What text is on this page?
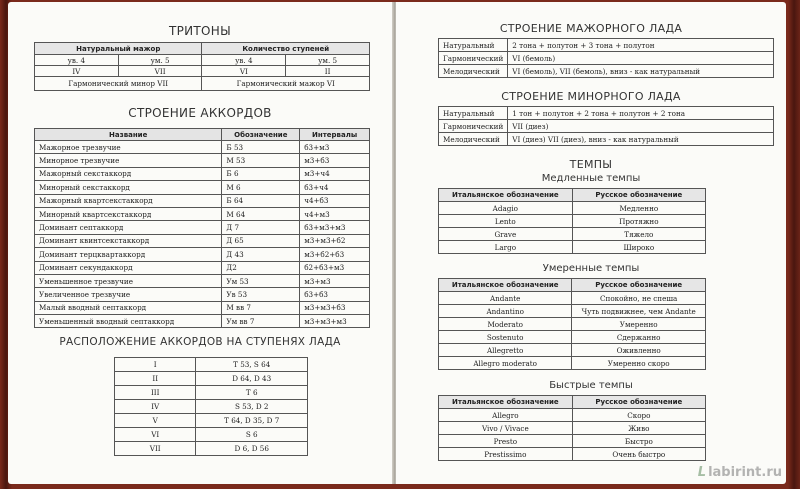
ТРИТОНЫ
Натуральный мажор		Количество ступеней	
ув. 4	ум. 5	ув. 4	ум. 5
IV	VII	VI	II
Гармонический минор VII		Гармонический мажор VI	
СТРОЕНИЕ АККОРДОВ
Название	Обозначение	Интервалы
Мажорное трезвучие	Б 53	б3+м3
Минорное трезвучие	М 53	м3+б3
Мажорный секстаккорд	Б 6	м3+ч4
Минорный секстаккорд	М 6	б3+ч4
Мажорный квартсекстаккорд	Б 64	ч4+б3
Минорный квартсекстаккорд	М 64	ч4+м3
Доминант септаккорд	Д 7	б3+м3+м3
Доминант квинтсекстаккорд	Д 65	м3+м3+б2
Доминант терцквартаккорд	Д 43	м3+б2+б3
Доминант секундаккорд	Д2	б2+б3+м3
Уменьшенное трезвучие	Ум 53	м3+м3
Увеличенное трезвучие	Ув 53	б3+б3
Малый вводный септаккорд	М вв 7	м3+м3+б3
Уменьшенный вводный септаккорд	Ум вв 7	м3+м3+м3
РАСПОЛОЖЕНИЕ АККОРДОВ НА СТУПЕНЯХ ЛАДА
I	T 53, S 64
II	D 64, D 43
III	T 6
IV	S 53, D 2
V	T 64, D 35, D 7
VI	S 6
VII	D 6, D 56
СТРОЕНИЕ МАЖОРНОГО ЛАДА
Натуральный	2 тона + полутон + 3 тона + полутон
Гармонический	VI (бемоль)
Мелодический	VI (бемоль), VII (бемоль), вниз - как натуральный
СТРОЕНИЕ МИНОРНОГО ЛАДА
Натуральный	1 тон + полутон + 2 тона + полутон + 2 тона
Гармонический	VII (диез)
Мелодический	VI (диез) VII (диез), вниз - как натуральный
ТЕМПЫ
Медленные темпы
Итальянское обозначение	Русское обозначение
Adagio	Медленно
Lento	Протяжно
Grave	Тяжело
Largo	Широко
Умеренные темпы
Итальянское обозначение	Русское обозначение
Andante	Спокойно, не спеша
Andantino	Чуть подвижнее, чем Andante
Moderato	Умеренно
Sostenuto	Сдержанно
Allegretto	Оживленно
Allegro moderato	Умеренно скоро
Быстрые темпы
Итальянское обозначение	Русское обозначение
Allegro	Скоро
Vivo / Vivace	Живо
Presto	Быстро
Prestissimo	Очень быстро
L labirint.ru
